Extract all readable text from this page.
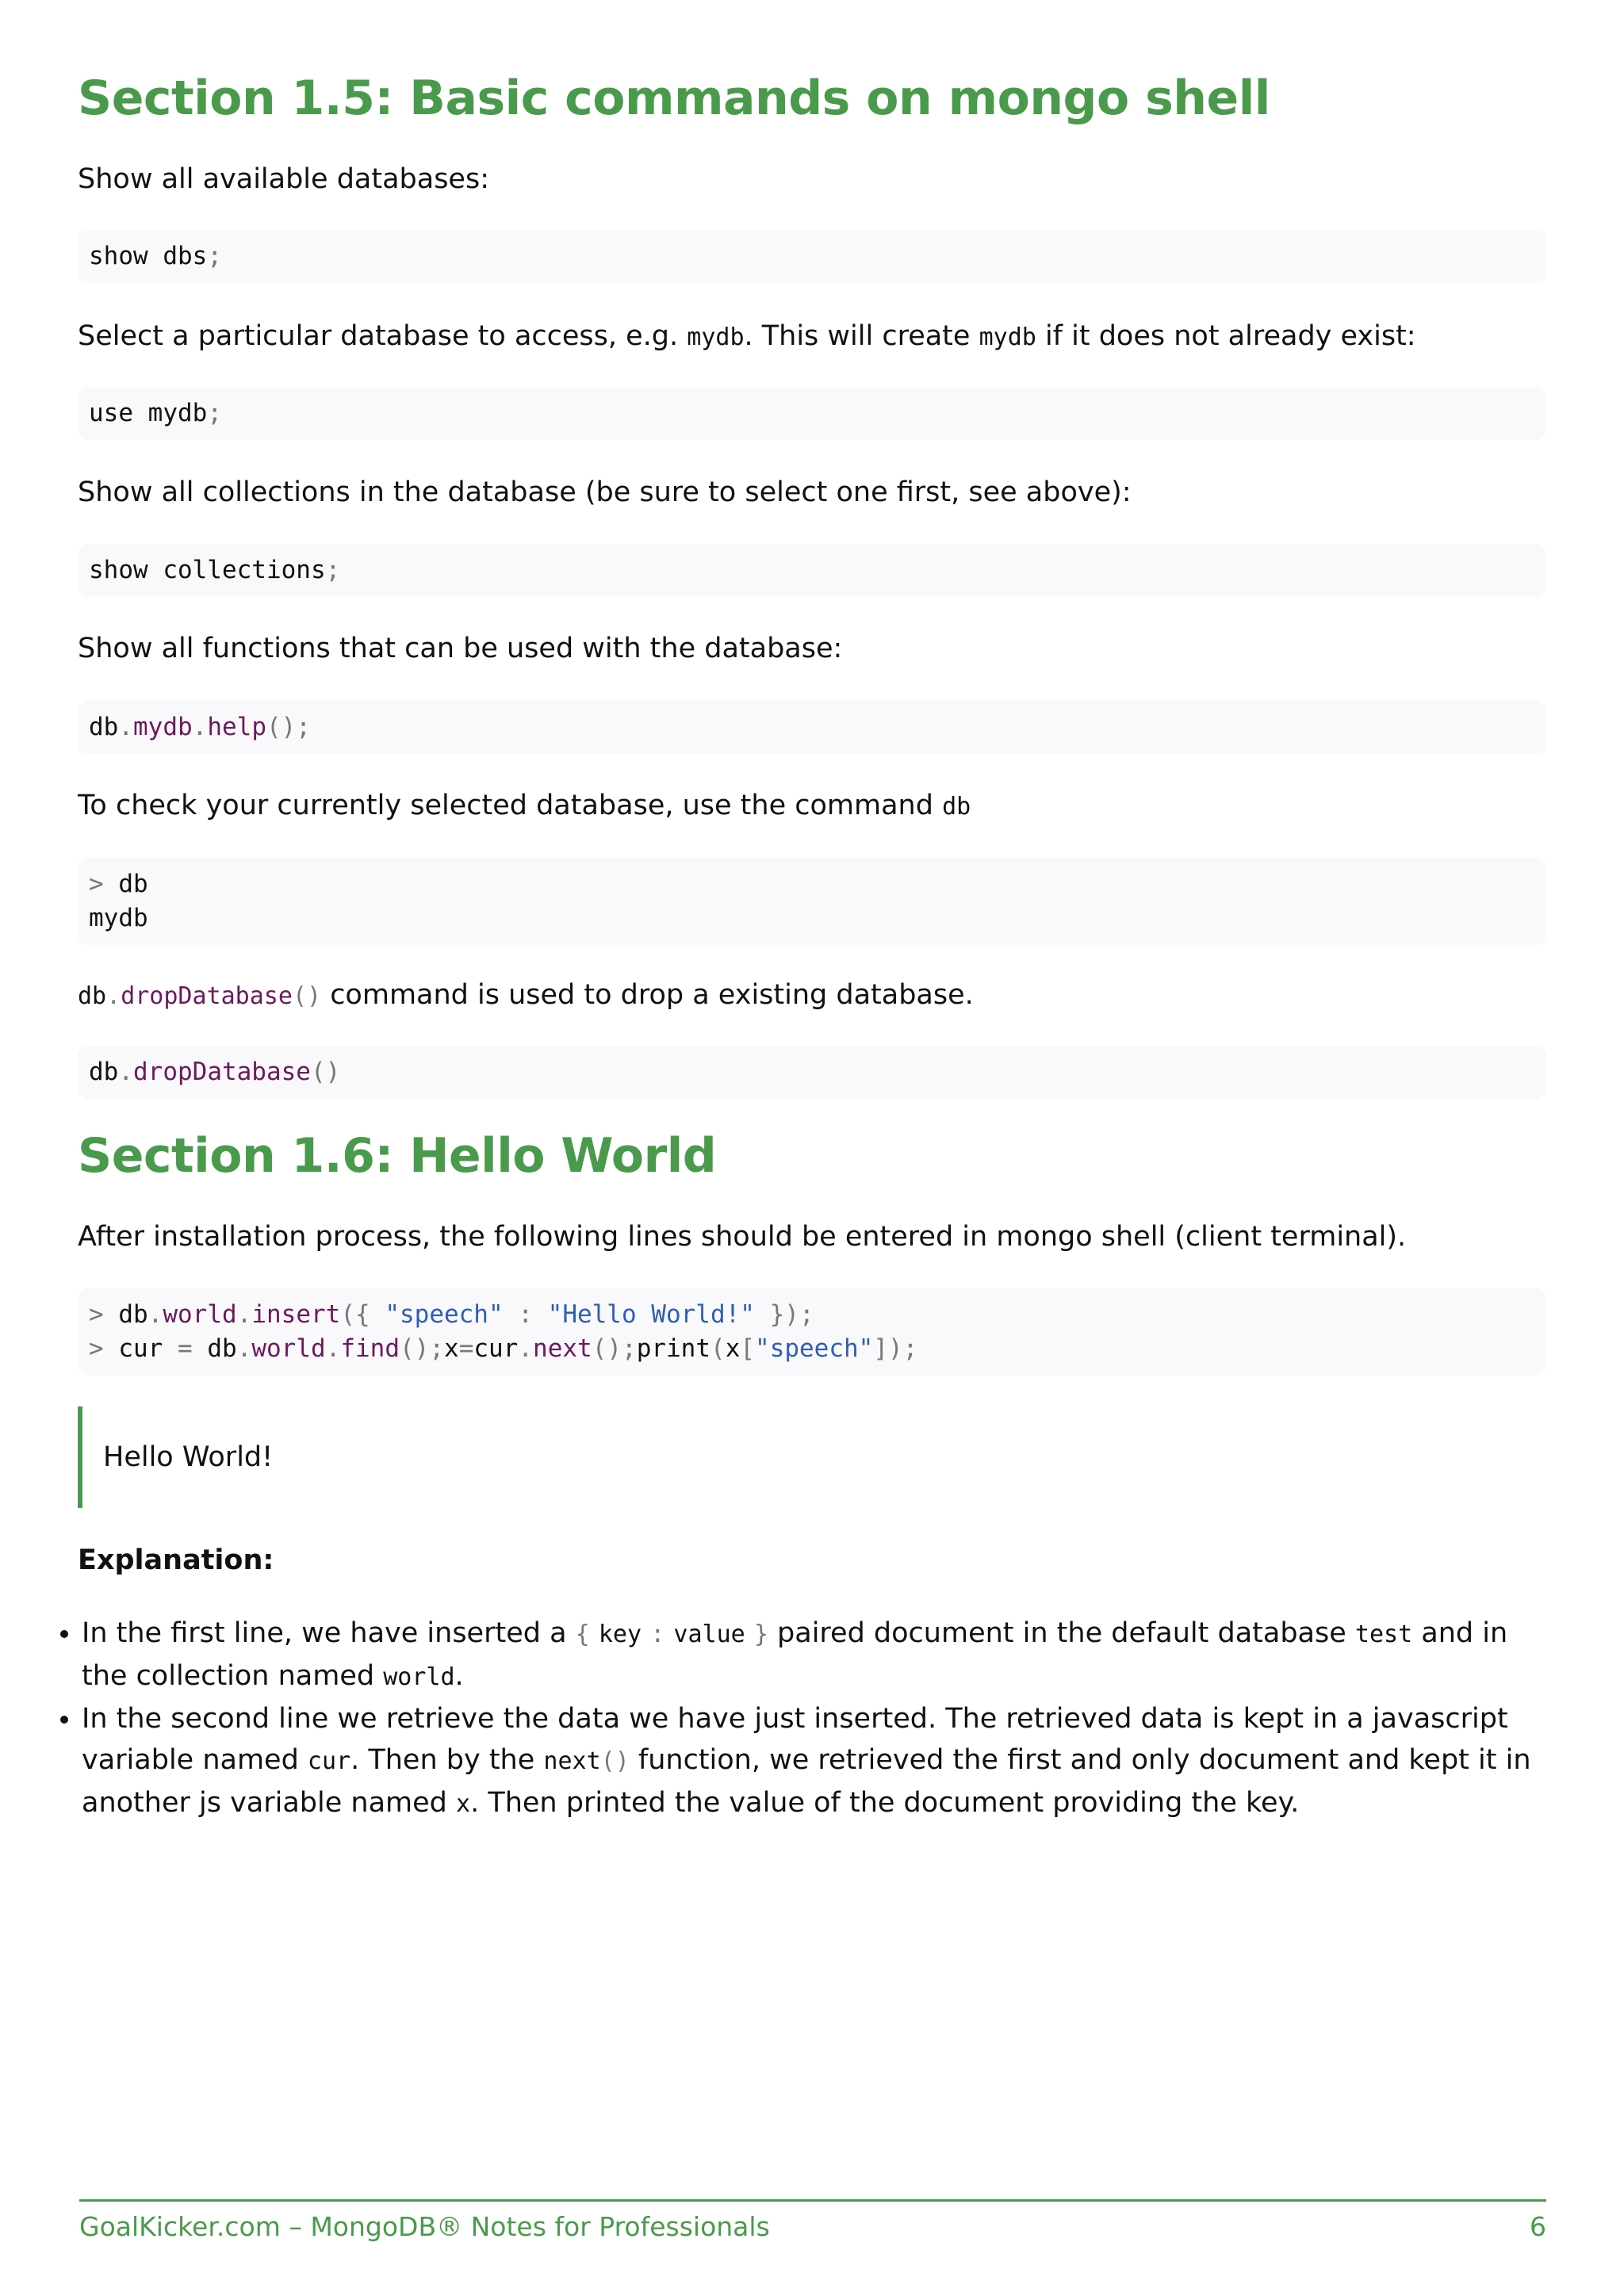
Section 1.5: Basic commands on mongo shell

Show all available databases:

show dbs;

Select a particular database to access, e.g. mydb. This will create mydb if it does not already exist:

use mydb;

Show all collections in the database (be sure to select one first, see above):

show collections;

Show all functions that can be used with the database:

db.mydb.help();

To check your currently selected database, use the command db

> db
mydb

db.dropDatabase() command is used to drop a existing database.

db.dropDatabase()
Section 1.6: Hello World

After installation process, the following lines should be entered in mongo shell (client terminal).

> db.world.insert({ "speech" : "Hello World!" });
> cur = db.world.find();x=cur.next();print(x["speech"]);
Hello World!
Explanation:
• In the first line, we have inserted a { key : value } paired document in the default database test and in the collection named world.
• In the second line we retrieve the data we have just inserted. The retrieved data is kept in a javascript variable named cur. Then by the next() function, we retrieved the first and only document and kept it in another js variable named x. Then printed the value of the document providing the key.
GoalKicker.com – MongoDB® Notes for Professionals	6
